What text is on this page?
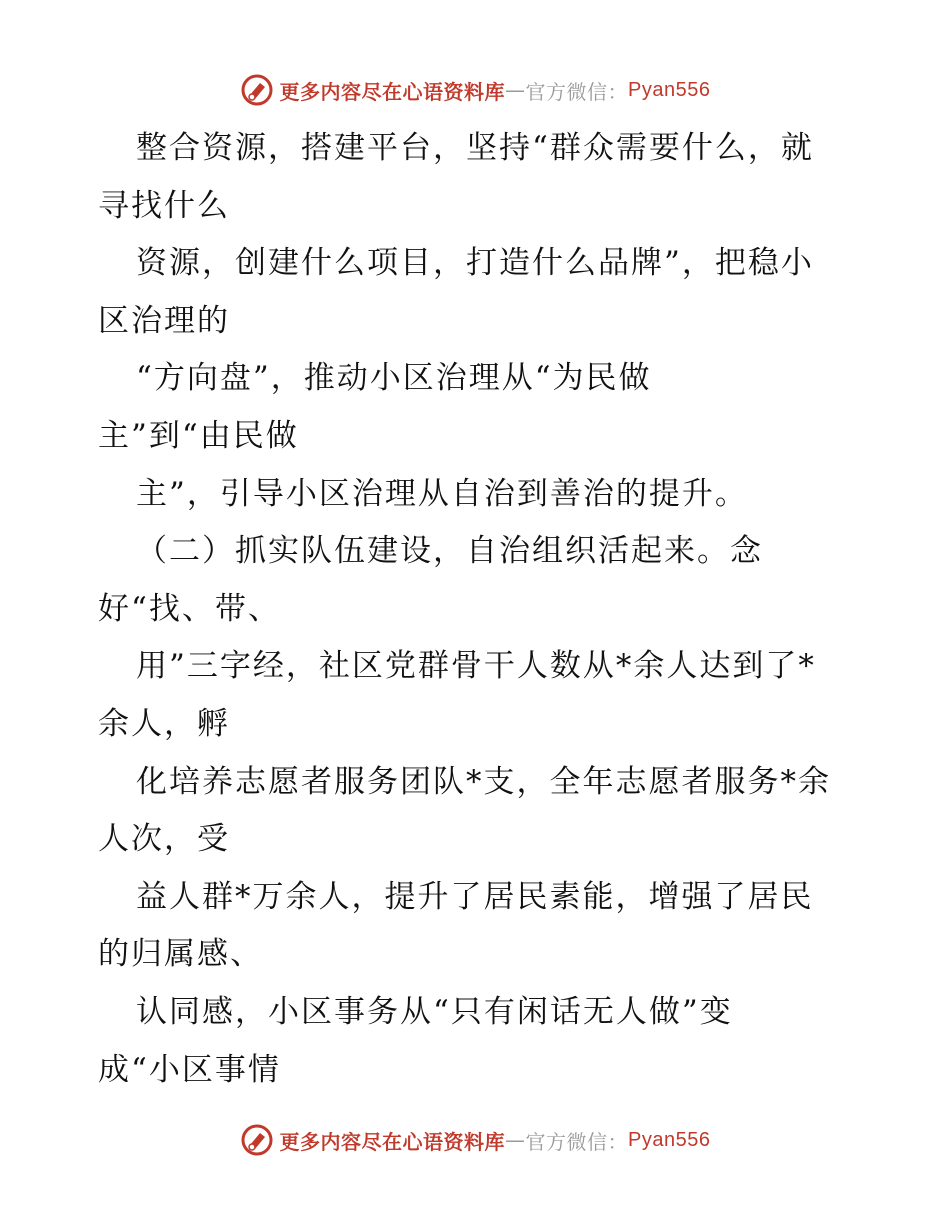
更多内容尽在心语资料库 — 官方微信： Pyan556
整合资源，搭建平台，坚持“群众需要什么，就
寻找什么
资源，创建什么项目，打造什么品牌”，把稳小
区治理的
“方向盘”，推动小区治理从“为民做
主”到“由民做
主”，引导小区治理从自治到善治的提升。
（二）抓实队伍建设，自治组织活起来。念
好“找、带、
用”三字经，社区党群骨干人数从*余人达到了*
余人，孵
化培养志愿者服务团队*支，全年志愿者服务*余
人次，受
益人群*万余人，提升了居民素能，增强了居民
的归属感、
认同感，小区事务从“只有闲话无人做”变
成“小区事情
更多内容尽在心语资料库 — 官方微信： Pyan556
